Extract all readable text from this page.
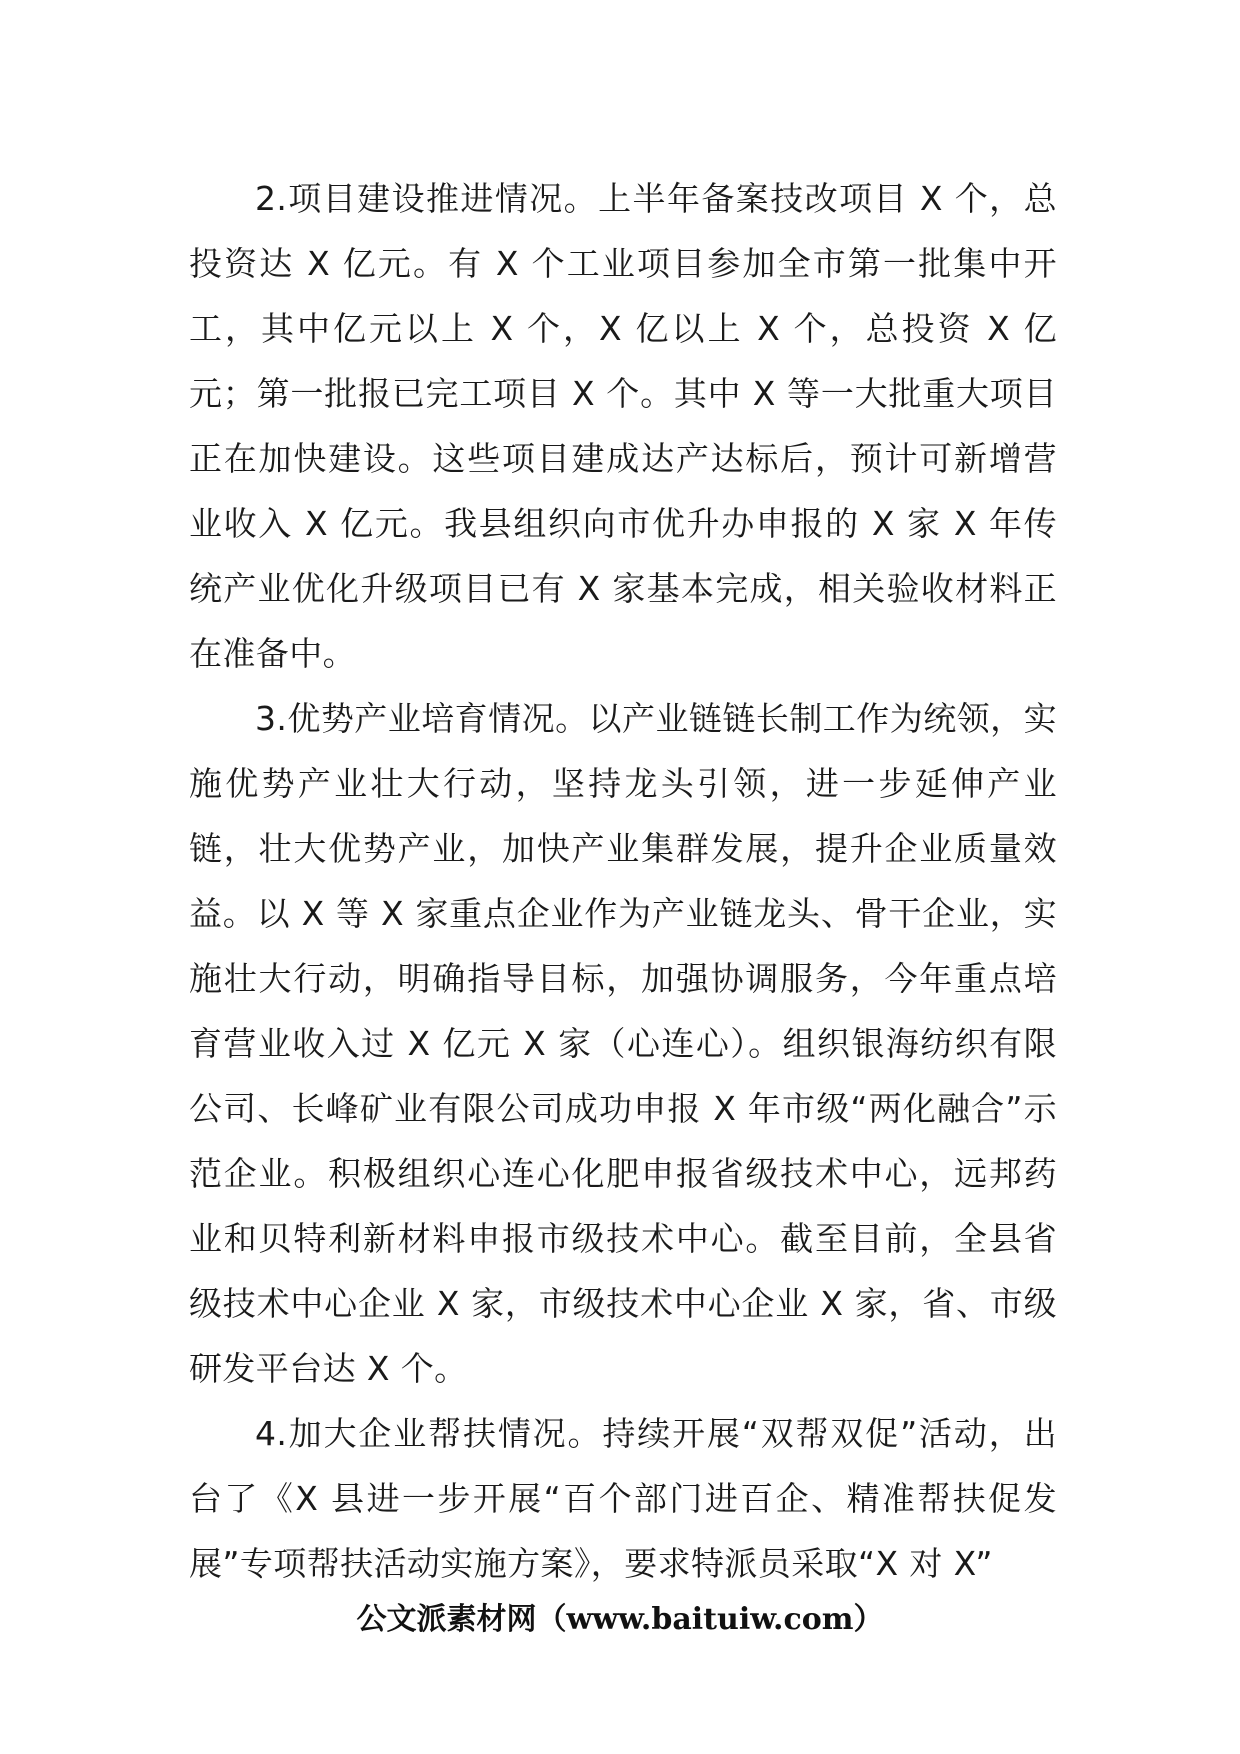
2.项目建设推进情况。上半年备案技改项目 X 个，总投资达 X 亿元。有 X 个工业项目参加全市第一批集中开工，其中亿元以上 X 个，X 亿以上 X 个，总投资 X 亿元；第一批报已完工项目 X 个。其中 X 等一大批重大项目正在加快建设。这些项目建成达产达标后，预计可新增营业收入 X 亿元。我县组织向市优升办申报的 X 家 X 年传统产业优化升级项目已有 X 家基本完成，相关验收材料正在准备中。

3.优势产业培育情况。以产业链链长制工作为统领，实施优势产业壮大行动，坚持龙头引领，进一步延伸产业链，壮大优势产业，加快产业集群发展，提升企业质量效益。以 X 等 X 家重点企业作为产业链龙头、骨干企业，实施壮大行动，明确指导目标，加强协调服务，今年重点培育营业收入过 X 亿元 X 家（心连心）。组织银海纺织有限公司、长峰矿业有限公司成功申报 X 年市级“两化融合”示范企业。积极组织心连心化肥申报省级技术中心，远邦药业和贝特利新材料申报市级技术中心。截至目前，全县省级技术中心企业 X 家，市级技术中心企业 X 家，省、市级研发平台达 X 个。

4.加大企业帮扶情况。持续开展“双帮双促”活动，出台了《X 县进一步开展“百个部门进百企、精准帮扶促发展”专项帮扶活动实施方案》，要求特派员采取“X 对 X”

公文派素材网（www.baituiw.com）
